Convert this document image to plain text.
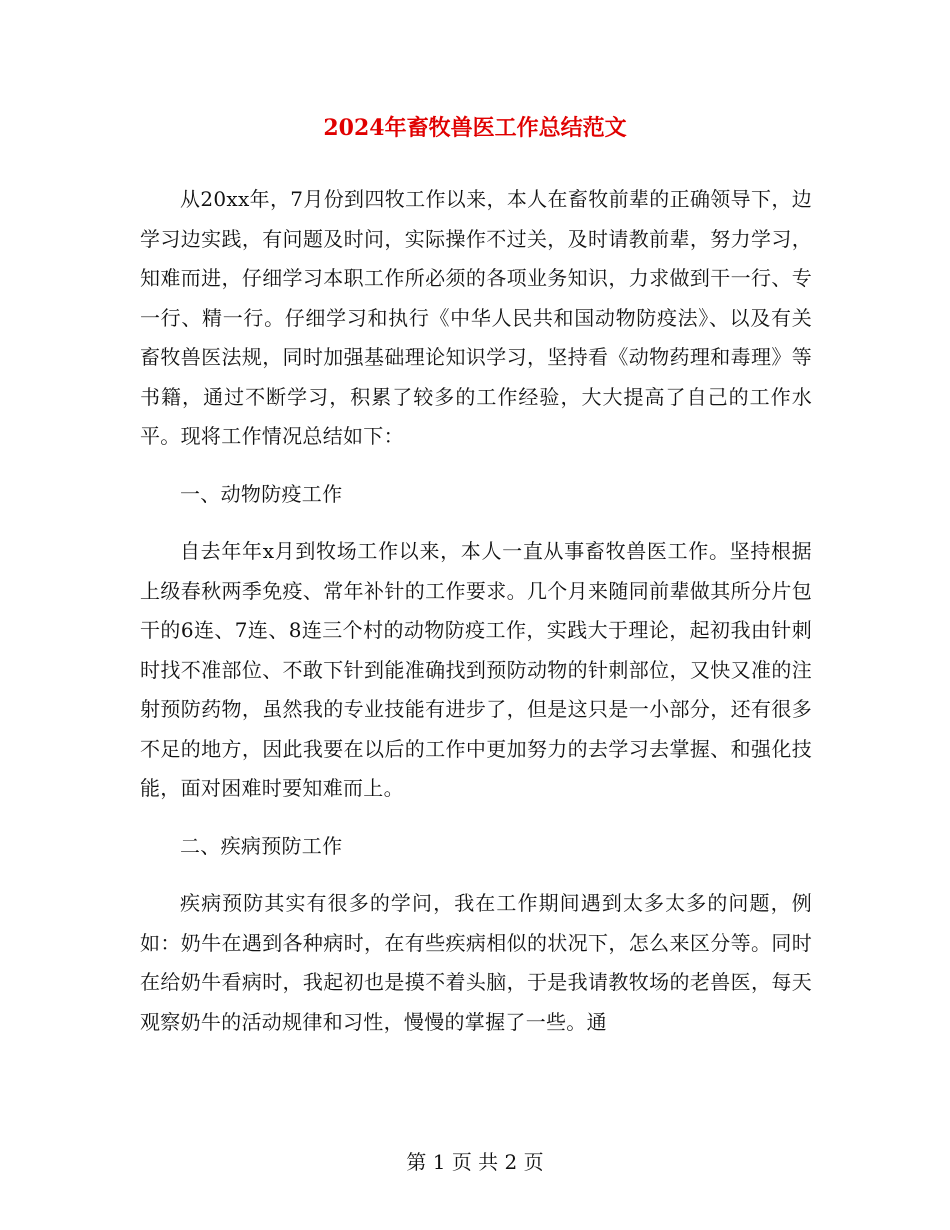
2024年畜牧兽医工作总结范文

从20xx年，7月份到四牧工作以来，本人在畜牧前辈的正确领导下，边学习边实践，有问题及时问，实际操作不过关，及时请教前辈，努力学习，知难而进，仔细学习本职工作所必须的各项业务知识，力求做到干一行、专一行、精一行。仔细学习和执行《中华人民共和国动物防疫法》、以及有关畜牧兽医法规，同时加强基础理论知识学习，坚持看《动物药理和毒理》等书籍，通过不断学习，积累了较多的工作经验，大大提高了自己的工作水平。现将工作情况总结如下：

一、动物防疫工作

自去年年x月到牧场工作以来，本人一直从事畜牧兽医工作。坚持根据上级春秋两季免疫、常年补针的工作要求。几个月来随同前辈做其所分片包干的6连、7连、8连三个村的动物防疫工作，实践大于理论，起初我由针刺时找不准部位、不敢下针到能准确找到预防动物的针刺部位，又快又准的注射预防药物，虽然我的专业技能有进步了，但是这只是一小部分，还有很多不足的地方，因此我要在以后的工作中更加努力的去学习去掌握、和强化技能，面对困难时要知难而上。

二、疾病预防工作

疾病预防其实有很多的学问，我在工作期间遇到太多太多的问题，例如：奶牛在遇到各种病时，在有些疾病相似的状况下，怎么来区分等。同时在给奶牛看病时，我起初也是摸不着头脑，于是我请教牧场的老兽医，每天观察奶牛的活动规律和习性，慢慢的掌握了一些。通

第 1 页 共 2 页
